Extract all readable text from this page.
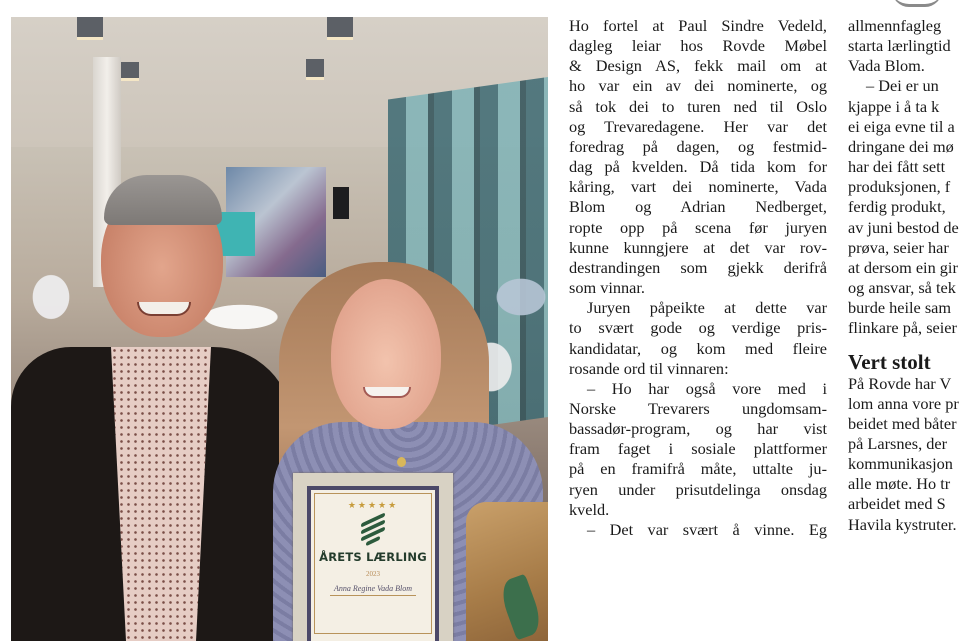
★★★★★
ÅRETS LÆRLING
2023
Anna Regine Vada Blom

Ho fortel at Paul Sindre Vedeld,
dagleg leiar hos Rovde Møbel
& Design AS, fekk mail om at
ho var ein av dei nominerte, og
så tok dei to turen ned til Oslo
og Trevaredagene. Her var det
foredrag på dagen, og festmid-
dag på kvelden. Då tida kom for
kåring, vart dei nominerte, Vada
Blom og Adrian Nedberget,
ropte opp på scena før juryen
kunne kunngjere at det var rov-
destrandingen som gjekk derifrå
som vinnar.

Juryen påpeikte at dette var
to svært gode og verdige pris-
kandidatar, og kom med fleire
rosande ord til vinnaren:

– Ho har også vore med i
Norske Trevarers ungdomsam-
bassadør-program, og har vist
fram faget i sosiale plattformer
på en framifrå måte, uttalte ju-
ryen under prisutdelinga onsdag
kveld.

– Det var svært å vinne. Eg

allmennfagleg
starta lærlingtid
Vada Blom.

– Dei er un
kjappe i å ta k
ei eiga evne til a
dringane dei mø
har dei fått sett
produksjonen, f
ferdig produkt,
av juni bestod de
prøva, seier har
at dersom ein gir
og ansvar, så tek
burde heile sam
flinkare på, seier

Vert stolt

På Rovde har V
lom anna vore pr
beidet med båter
på Larsnes, der
kommunikasjon
alle møte. Ho tr
arbeidet med S
Havila kystruter.
